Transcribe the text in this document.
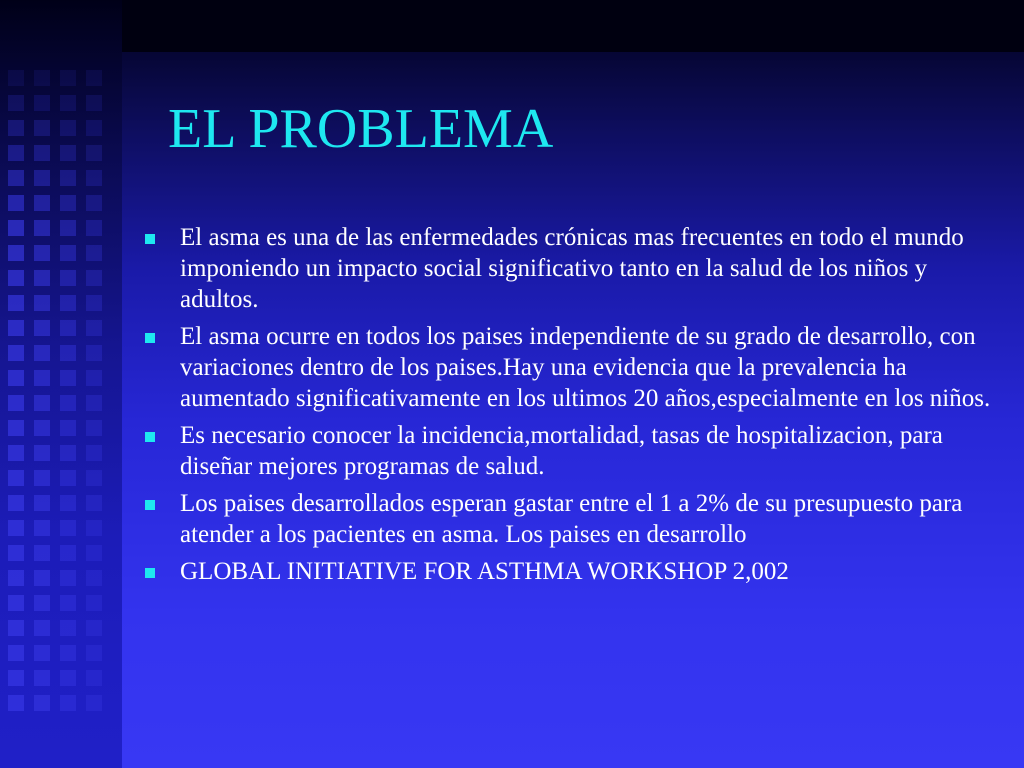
EL PROBLEMA
El asma es una de las enfermedades crónicas mas frecuentes en todo el mundo imponiendo un impacto social significativo tanto en la salud de los niños y adultos.
El asma ocurre en todos los paises independiente de su grado de desarrollo, con variaciones dentro de los paises.Hay una evidencia que la prevalencia ha aumentado significativamente en los ultimos 20 años,especialmente en los niños.
Es necesario conocer la incidencia,mortalidad, tasas de hospitalizacion, para diseñar mejores programas de salud.
Los paises desarrollados esperan gastar entre el 1 a 2% de su presupuesto para atender a los pacientes en asma. Los paises en desarrollo
GLOBAL INITIATIVE FOR ASTHMA WORKSHOP 2,002
